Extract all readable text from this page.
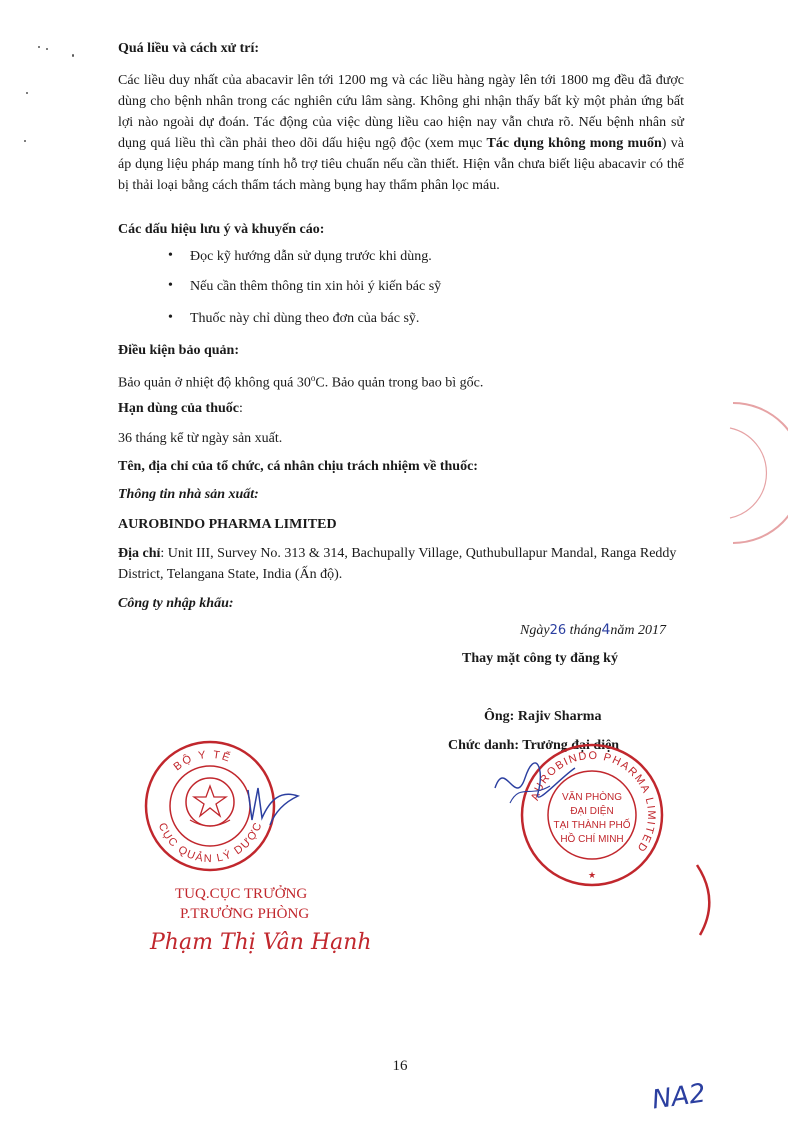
Quá liều và cách xử trí:
Các liều duy nhất của abacavir lên tới 1200 mg và các liều hàng ngày lên tới 1800 mg đều đã được dùng cho bệnh nhân trong các nghiên cứu lâm sàng. Không ghi nhận thấy bất kỳ một phản ứng bất lợi nào ngoài dự đoán. Tác động của việc dùng liều cao hiện nay vẫn chưa rõ. Nếu bệnh nhân sử dụng quá liều thì cần phải theo dõi dấu hiệu ngộ độc (xem mục Tác dụng không mong muốn) và áp dụng liệu pháp mang tính hỗ trợ tiêu chuẩn nếu cần thiết. Hiện vẫn chưa biết liệu abacavir có thể bị thải loại bằng cách thẩm tách màng bụng hay thẩm phân lọc máu.
Các dấu hiệu lưu ý và khuyến cáo:
• Đọc kỹ hướng dẫn sử dụng trước khi dùng.
• Nếu cần thêm thông tin xin hỏi ý kiến bác sỹ
• Thuốc này chỉ dùng theo đơn của bác sỹ.
Điều kiện bảo quản:
Bảo quản ở nhiệt độ không quá 30$^o$C. Bảo quản trong bao bì gốc.
Hạn dùng của thuốc:
36 tháng kể từ ngày sản xuất.
Tên, địa chỉ của tổ chức, cá nhân chịu trách nhiệm về thuốc:
Thông tin nhà sản xuất:
AUROBINDO PHARMA LIMITED
Địa chỉ: Unit III, Survey No. 313 & 314, Bachupally Village, Quthubullapur Mandal, Ranga Reddy District, Telangana State, India (Ấn độ).
Công ty nhập khẩu:
Ngày26 tháng4năm 2017
Thay mặt công ty đăng ký
Ông: Rajiv Sharma
Chức danh: Trưởng đại diện
AUROBINDO PHARMA LIMITED
VĂN PHÒNG
ĐẠI DIỆN
TẠI THÀNH PHỐ
HỒ CHÍ MINH
★
BỘ Y TẾ
CỤC QUẢN LÝ DƯỢC
TUQ.CỤC TRƯỞNG
P.TRƯỞNG PHÒNG
Phạm Thị Vân Hạnh
16
NA2
